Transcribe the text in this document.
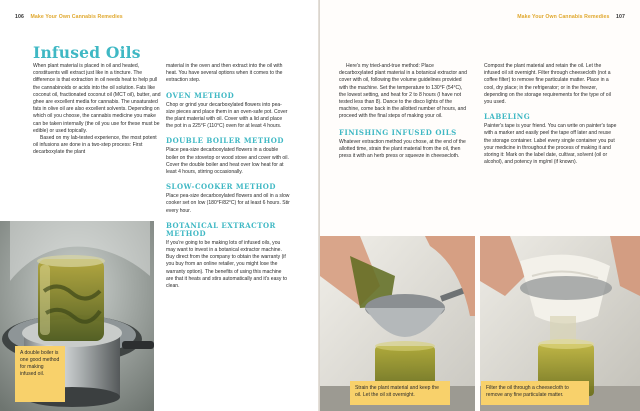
106 Make Your Own Cannabis Remedies
Infused Oils

When plant material is placed in oil and heated, constituents will extract just like in a tincture. The difference is that extraction in oil needs heat to help pull the cannabinoids or acids into the oil solution. Fats like coconut oil, fractionated coconut oil (MCT oil), butter, and ghee are excellent media for cannabis. The unsaturated fats in olive oil are also excellent solvents. Depending on which oil you choose, the cannabis medicine you make can be taken internally (the oil you use for these must be edible) or used topically.

Based on my lab-tested experience, the most potent oil infusions are done in a two-step process: First decarboxylate the plant

material in the oven and then extract into the oil with heat. You have several options when it comes to the extraction step.

OVEN METHOD

Chop or grind your decarboxylated flowers into pea-size pieces and place them in an oven-safe pot. Cover the plant material with oil. Cover with a lid and place the pot in a 225°F (110°C) oven for at least 4 hours.

DOUBLE BOILER METHOD

Place pea-size decarboxylated flowers in a double boiler on the stovetop or wood stove and cover with oil. Cover the double boiler and heat over low heat for at least 4 hours, stirring occasionally.

SLOW-COOKER METHOD

Place pea-size decarboxylated flowers and oil in a slow cooker set on low (180°F/82°C) for at least 6 hours. Stir every hour.

BOTANICAL EXTRACTOR METHOD

If you're going to be making lots of infused oils, you may want to invest in a botanical extractor machine. Buy direct from the company to obtain the warranty (if you buy from an online retailer, you might lose the warranty option). The benefits of using this machine are that it heats and stirs automatically and it's easy to clean.

A double boiler is one good method for making infused oil.
Make Your Own Cannabis Remedies 107

Here's my tried-and-true method: Place decarboxylated plant material in a botanical extractor and cover with oil, following the volume guidelines provided with the machine. Set the temperature to 130°F (54°C), the lowest setting, and heat for 2 to 8 hours (I have not tested less than 8). Dance to the disco lights of the machine, come back in the allotted number of hours, and proceed with the final steps of making your oil.

FINISHING INFUSED OILS

Whatever extraction method you chose, at the end of the allotted time, strain the plant material from the oil, then press it with an herb press or squeeze in cheesecloth.

Compost the plant material and retain the oil. Let the infused oil sit overnight. Filter through cheesecloth (not a coffee filter) to remove fine particulate matter. Place in a cool, dry place; in the refrigerator; or in the freezer, depending on the storage requirements for the type of oil you used.

LABELING

Painter's tape is your friend. You can write on painter's tape with a marker and easily peel the tape off later and reuse the storage container. Label every single container you put your medicine in throughout the process of making it and storing it: Mark on the label date, cultivar, solvent (oil or alcohol), and potency in mg/ml (if known).

Strain the plant material and keep the oil. Let the oil sit overnight.
Filter the oil through a cheesecloth to remove any fine particulate matter.
